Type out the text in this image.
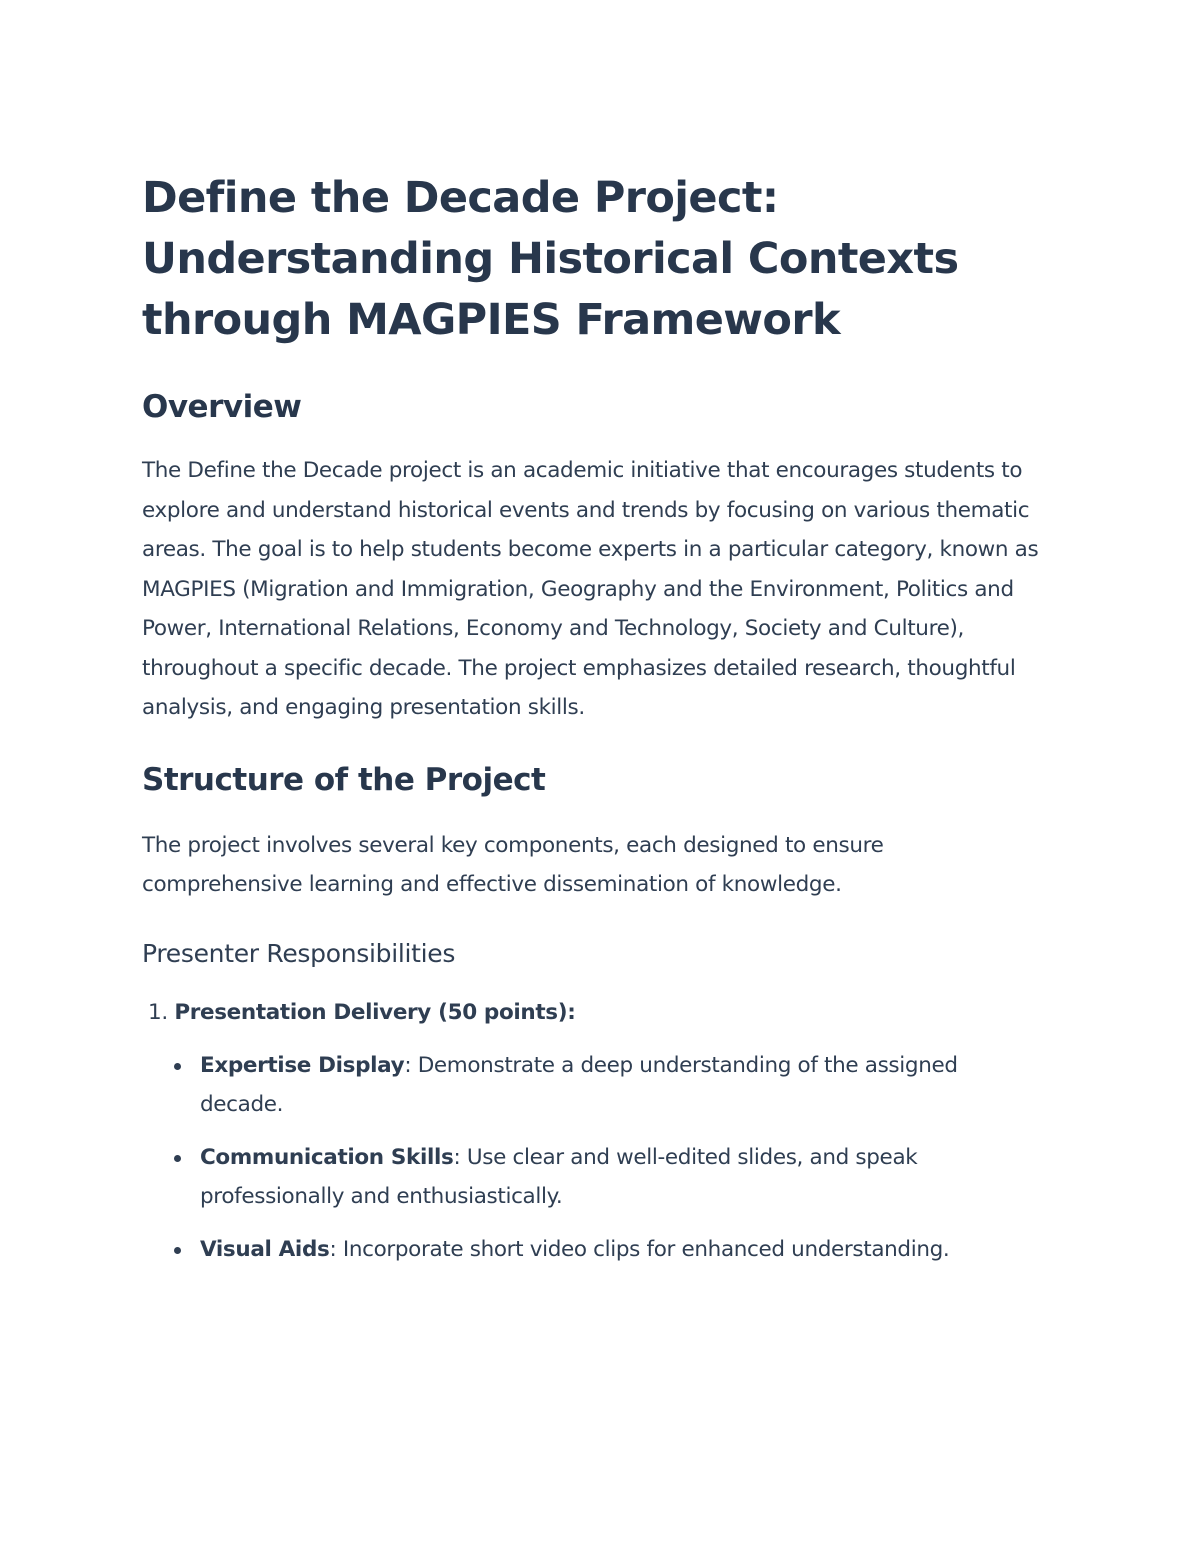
Define the Decade Project:
Understanding Historical Contexts
through MAGPIES Framework
Overview

The Define the Decade project is an academic initiative that encourages students to explore and understand historical events and trends by focusing on various thematic areas. The goal is to help students become experts in a particular category, known as MAGPIES (Migration and Immigration, Geography and the Environment, Politics and Power, International Relations, Economy and Technology, Society and Culture), throughout a specific decade. The project emphasizes detailed research, thoughtful analysis, and engaging presentation skills.

Structure of the Project

The project involves several key components, each designed to ensure comprehensive learning and effective dissemination of knowledge.

Presenter Responsibilities
1. Presentation Delivery (50 points):
Expertise Display: Demonstrate a deep understanding of the assigned decade.
Communication Skills: Use clear and well-edited slides, and speak professionally and enthusiastically.
Visual Aids: Incorporate short video clips for enhanced understanding.
